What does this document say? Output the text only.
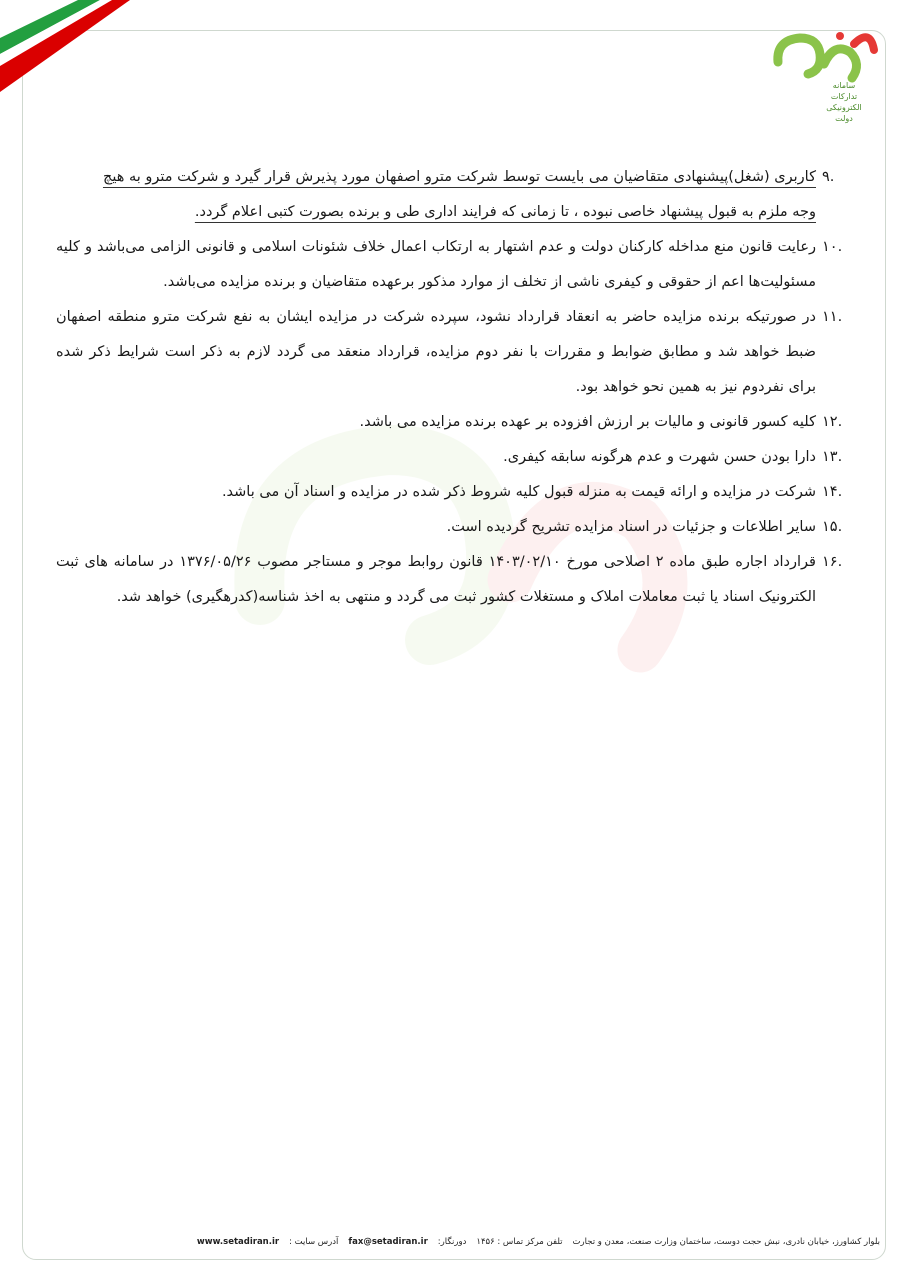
سامانه
تدارکات
الکترونیکی
دولت
۹.

کاربری (شغل)پیشنهادی متقاضیان می بایست توسط شرکت مترو اصفهان مورد پذیرش قرار گیرد و شرکت مترو به هیچ
وجه ملزم به قبول پیشنهاد خاصی نبوده ، تا زمانی که فرایند اداری طی و برنده بصورت کتبی اعلام گردد.

۱۰.

رعایت قانون منع مداخله کارکنان دولت و عدم اشتهار به ارتکاب اعمال خلاف شئونات اسلامی و قانونی الزامی می‌باشد و کلیه مسئولیت‌ها اعم از حقوقی و کیفری ناشی از تخلف از موارد مذکور برعهده متقاضیان و برنده مزایده می‌باشد.

۱۱.

در صورتیکه برنده مزایده حاضر به انعقاد قرارداد نشود، سپرده شرکت در مزایده ایشان به نفع شرکت مترو منطقه اصفهان ضبط خواهد شد و مطابق ضوابط و مقررات با نفر دوم مزایده، قرارداد منعقد می گردد لازم به ذکر است شرایط ذکر شده برای نفردوم نیز به همین نحو خواهد بود.

۱۲.

کلیه کسور قانونی و مالیات بر ارزش افزوده بر عهده برنده مزایده می باشد.

۱۳.

دارا بودن حسن شهرت و عدم هرگونه سابقه کیفری.

۱۴.

شرکت در مزایده و ارائه قیمت به منزله قبول کلیه شروط ذکر شده در مزایده و اسناد آن می باشد.

۱۵.

سایر اطلاعات و جزئیات در اسناد مزایده تشریح گردیده است.

۱۶.

قرارداد اجاره طبق ماده ۲ اصلاحی مورخ ۱۴۰۳/۰۲/۱۰ قانون روابط موجر و مستاجر مصوب ۱۳۷۶/۰۵/۲۶ در سامانه های ثبت الکترونیک اسناد یا ثبت معاملات املاک و مستغلات کشور ثبت می گردد و منتهی به اخذ شناسه(کدرهگیری) خواهد شد.

بلوار کشاورز، خیابان نادری، نبش حجت دوست، ساختمان وزارت صنعت، معدن و تجارت
تلفن مرکز تماس : ۱۴۵۶
دورنگار:
fax@setadiran.ir
آدرس سایت :
www.setadiran.ir
